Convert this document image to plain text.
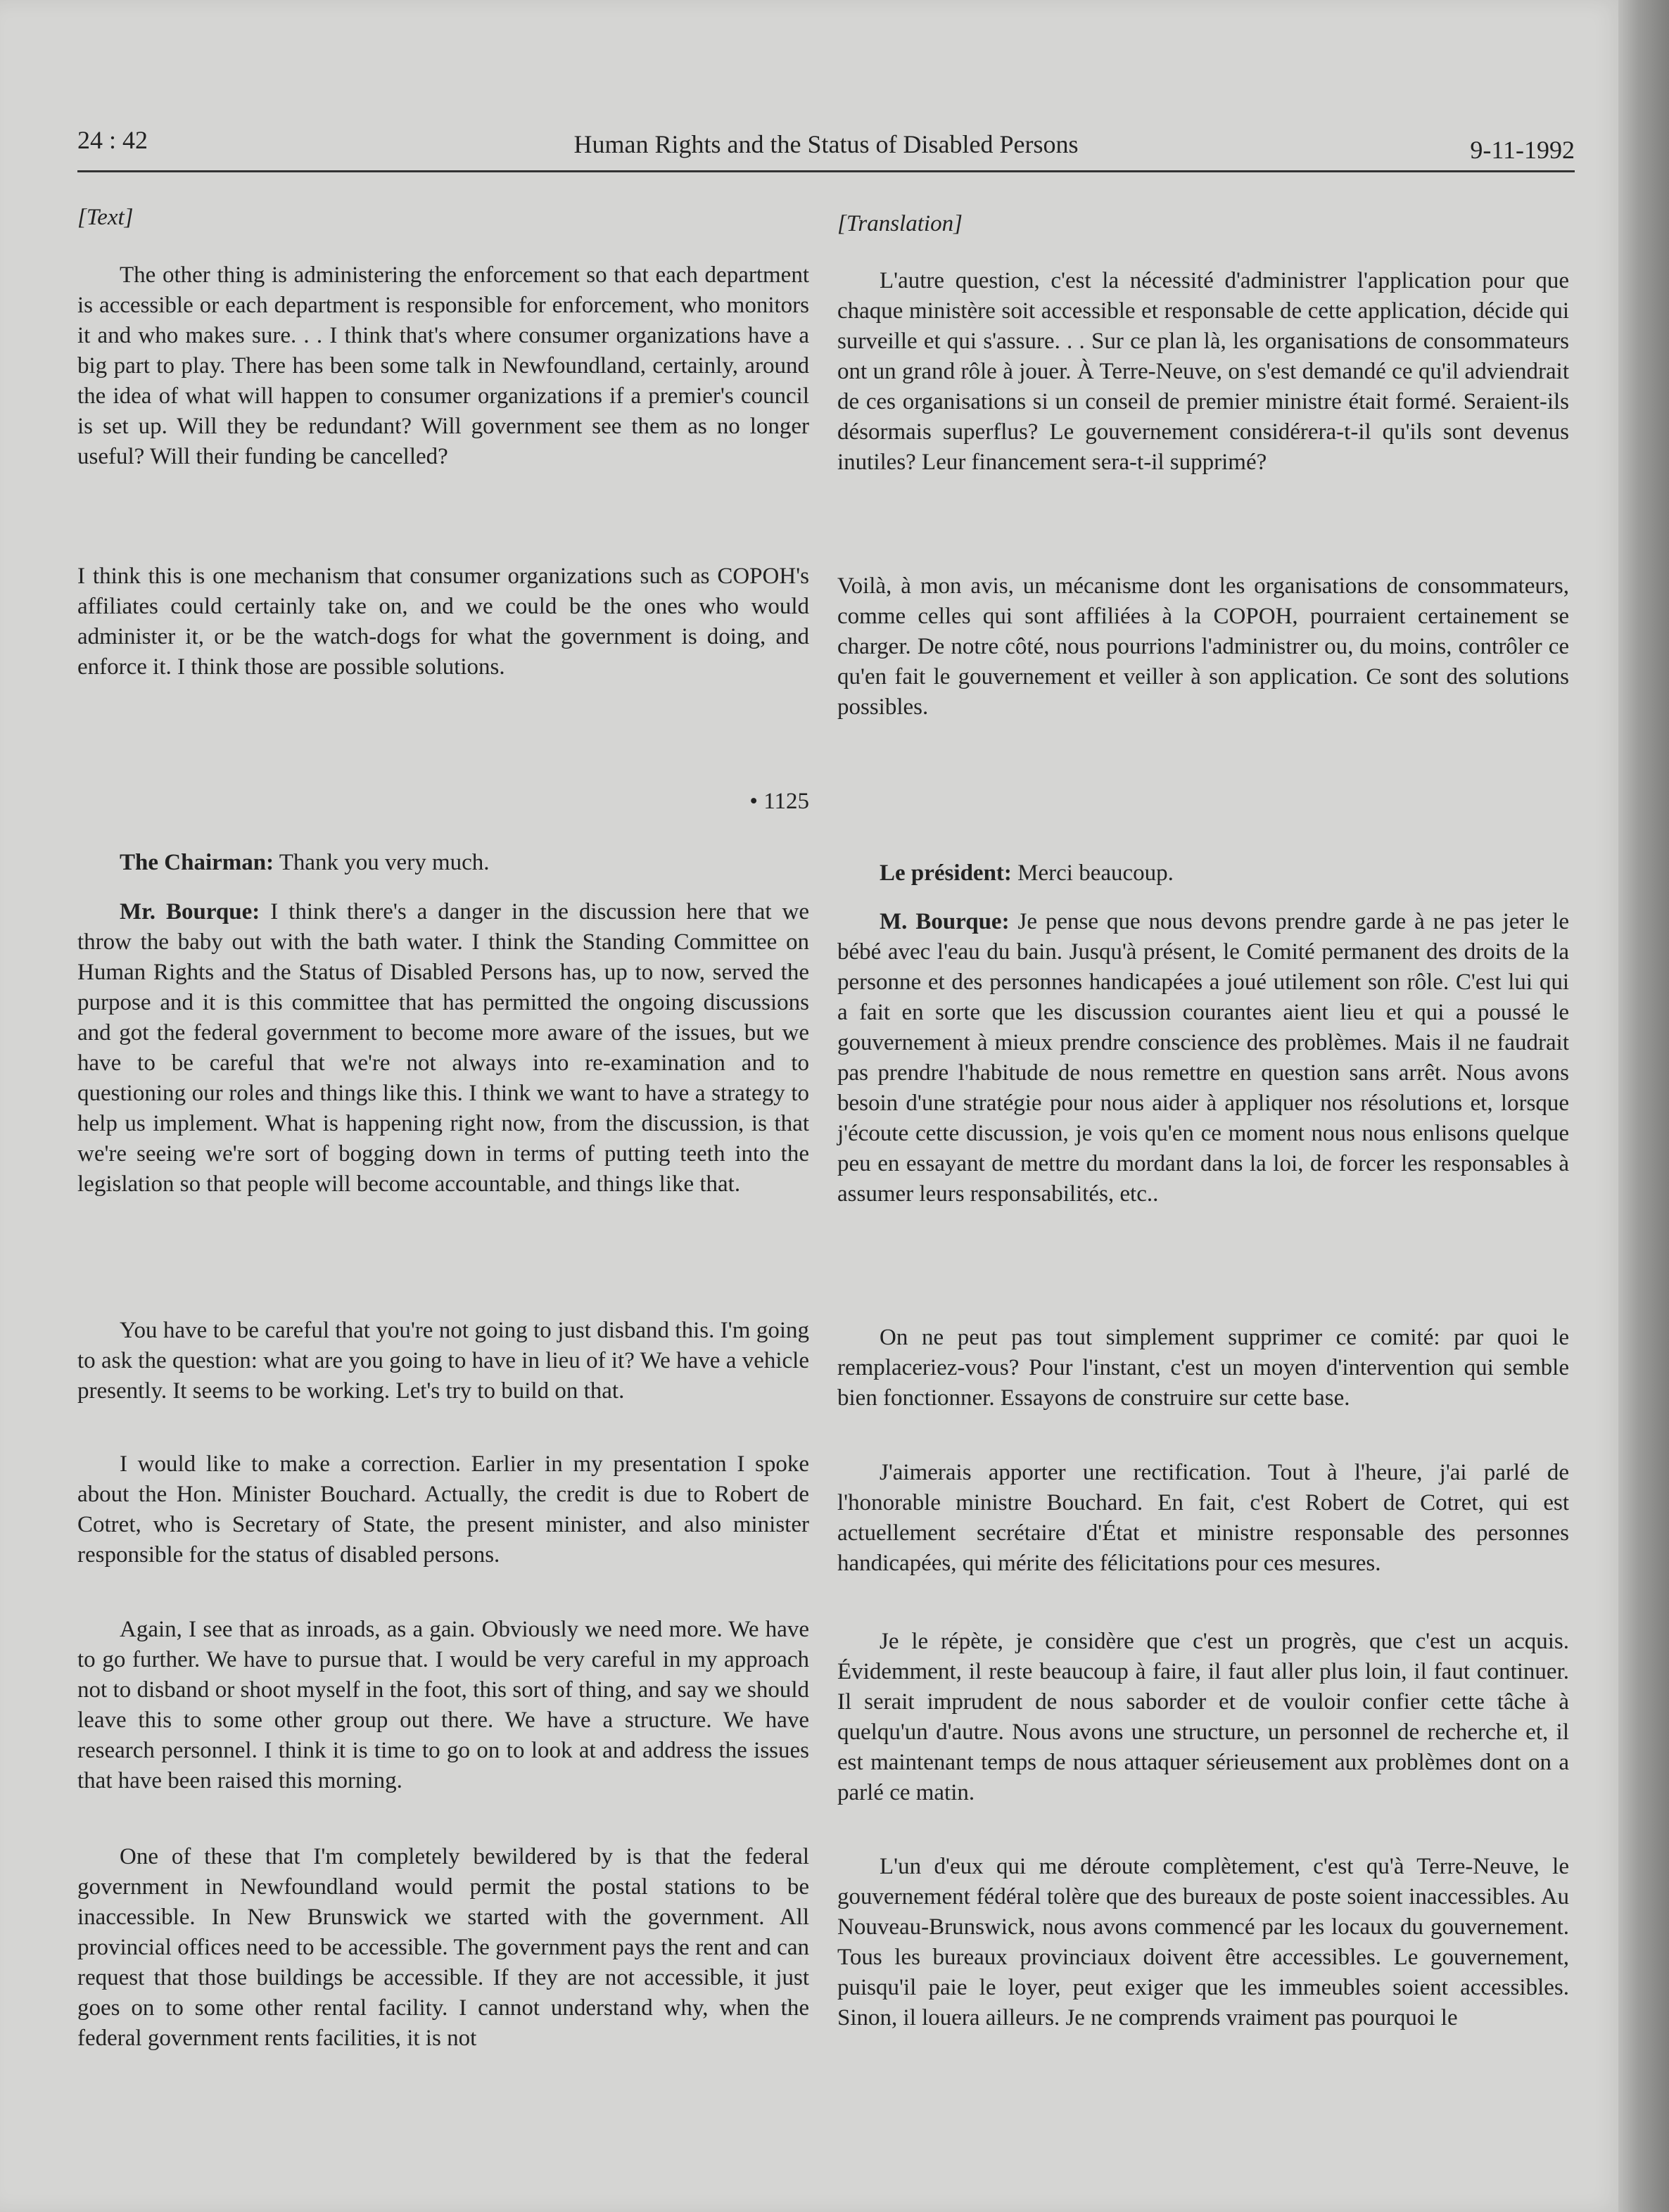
24 : 42	Human Rights and the Status of Disabled Persons	9-11-1992
[Text]

The other thing is administering the enforcement so that each department is accessible or each department is responsible for enforcement, who monitors it and who makes sure. . . I think that's where consumer organizations have a big part to play. There has been some talk in Newfoundland, certainly, around the idea of what will happen to consumer organizations if a premier's council is set up. Will they be redundant? Will government see them as no longer useful? Will their funding be cancelled?

I think this is one mechanism that consumer organizations such as COPOH's affiliates could certainly take on, and we could be the ones who would administer it, or be the watch-dogs for what the government is doing, and enforce it. I think those are possible solutions.

• 1125
The Chairman: Thank you very much.
Mr. Bourque: I think there's a danger in the discussion here that we throw the baby out with the bath water. I think the Standing Committee on Human Rights and the Status of Disabled Persons has, up to now, served the purpose and it is this committee that has permitted the ongoing discussions and got the federal government to become more aware of the issues, but we have to be careful that we're not always into re-examination and to questioning our roles and things like this. I think we want to have a strategy to help us implement. What is happening right now, from the discussion, is that we're seeing we're sort of bogging down in terms of putting teeth into the legislation so that people will become accountable, and things like that.

You have to be careful that you're not going to just disband this. I'm going to ask the question: what are you going to have in lieu of it? We have a vehicle presently. It seems to be working. Let's try to build on that.

I would like to make a correction. Earlier in my presentation I spoke about the Hon. Minister Bouchard. Actually, the credit is due to Robert de Cotret, who is Secretary of State, the present minister, and also minister responsible for the status of disabled persons.

Again, I see that as inroads, as a gain. Obviously we need more. We have to go further. We have to pursue that. I would be very careful in my approach not to disband or shoot myself in the foot, this sort of thing, and say we should leave this to some other group out there. We have a structure. We have research personnel. I think it is time to go on to look at and address the issues that have been raised this morning.

One of these that I'm completely bewildered by is that the federal government in Newfoundland would permit the postal stations to be inaccessible. In New Brunswick we started with the government. All provincial offices need to be accessible. The government pays the rent and can request that those buildings be accessible. If they are not accessible, it just goes on to some other rental facility. I cannot understand why, when the federal government rents facilities, it is not

[Translation]

L'autre question, c'est la nécessité d'administrer l'application pour que chaque ministère soit accessible et responsable de cette application, décide qui surveille et qui s'assure. . . Sur ce plan là, les organisations de consommateurs ont un grand rôle à jouer. À Terre-Neuve, on s'est demandé ce qu'il adviendrait de ces organisations si un conseil de premier ministre était formé. Seraient-ils désormais superflus? Le gouvernement considérera-t-il qu'ils sont devenus inutiles? Leur financement sera-t-il supprimé?

Voilà, à mon avis, un mécanisme dont les organisations de consommateurs, comme celles qui sont affiliées à la COPOH, pourraient certainement se charger. De notre côté, nous pourrions l'administrer ou, du moins, contrôler ce qu'en fait le gouvernement et veiller à son application. Ce sont des solutions possibles.

Le président: Merci beaucoup.
M. Bourque: Je pense que nous devons prendre garde à ne pas jeter le bébé avec l'eau du bain. Jusqu'à présent, le Comité permanent des droits de la personne et des personnes handicapées a joué utilement son rôle. C'est lui qui a fait en sorte que les discussion courantes aient lieu et qui a poussé le gouvernement à mieux prendre conscience des problèmes. Mais il ne faudrait pas prendre l'habitude de nous remettre en question sans arrêt. Nous avons besoin d'une stratégie pour nous aider à appliquer nos résolutions et, lorsque j'écoute cette discussion, je vois qu'en ce moment nous nous enlisons quelque peu en essayant de mettre du mordant dans la loi, de forcer les responsables à assumer leurs responsabilités, etc..

On ne peut pas tout simplement supprimer ce comité: par quoi le remplaceriez-vous? Pour l'instant, c'est un moyen d'intervention qui semble bien fonctionner. Essayons de construire sur cette base.

J'aimerais apporter une rectification. Tout à l'heure, j'ai parlé de l'honorable ministre Bouchard. En fait, c'est Robert de Cotret, qui est actuellement secrétaire d'État et ministre responsable des personnes handicapées, qui mérite des félicitations pour ces mesures.

Je le répète, je considère que c'est un progrès, que c'est un acquis. Évidemment, il reste beaucoup à faire, il faut aller plus loin, il faut continuer. Il serait imprudent de nous saborder et de vouloir confier cette tâche à quelqu'un d'autre. Nous avons une structure, un personnel de recherche et, il est maintenant temps de nous attaquer sérieusement aux problèmes dont on a parlé ce matin.

L'un d'eux qui me déroute complètement, c'est qu'à Terre-Neuve, le gouvernement fédéral tolère que des bureaux de poste soient inaccessibles. Au Nouveau-Brunswick, nous avons commencé par les locaux du gouvernement. Tous les bureaux provinciaux doivent être accessibles. Le gouvernement, puisqu'il paie le loyer, peut exiger que les immeubles soient accessibles. Sinon, il louera ailleurs. Je ne comprends vraiment pas pourquoi le
